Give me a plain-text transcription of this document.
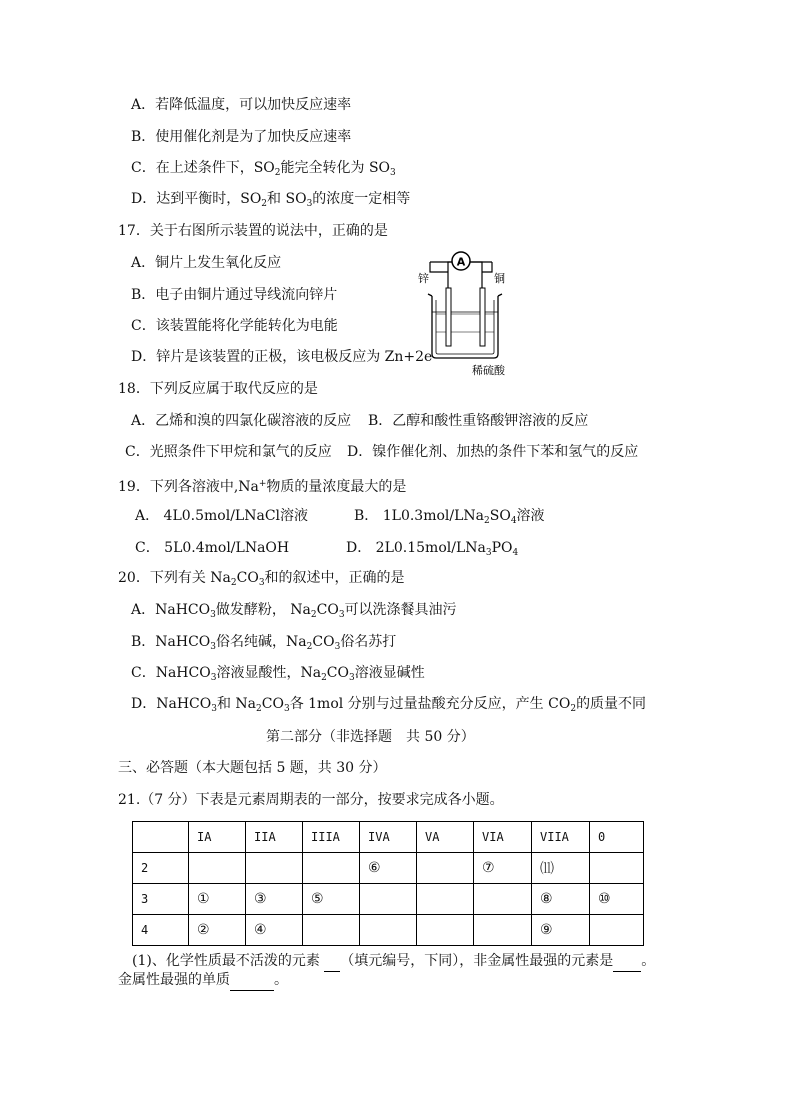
A．若降低温度，可以加快反应速率
B．使用催化剂是为了加快反应速率
C．在上述条件下，$SO_2$能完全转化为 $SO_3$
D．达到平衡时，$SO_2$和 $SO_3$的浓度一定相等
17．关于右图所示装置的说法中，正确的是
A．铜片上发生氧化反应
B．电子由铜片通过导线流向锌片
C．该装置能将化学能转化为电能
D．锌片是该装置的正极，该电极反应为 Zn+2e
锌	铜
A
稀硫酸
18．下列反应属于取代反应的是
A．乙烯和溴的四氯化碳溶液的反应 B．乙醇和酸性重铬酸钾溶液的反应
C．光照条件下甲烷和氯气的反应 D．镍作催化剂、加热的条件下苯和氢气的反应
19．下列各溶液中,Na+物质的量浓度最大的是
A． 4L0.5mol/LNaCl溶液	B． $1L0.3mol/LNa_2SO_4$溶液
C． 5L0.4mol/LNaOH	D． $2L0.15mol/LNa_3PO_4$
20．下列有关 $Na_2CO_3$和的叙述中，正确的是
A．NaHCO$_3$做发酵粉， $Na_2CO_3$可以洗涤餐具油污
B．NaHCO$_3$俗名纯碱，$Na_2CO_3$俗名苏打
C．NaHCO$_3$溶液显酸性，$Na_2CO_3$溶液显碱性
D．NaHCO$_3$和 $Na_2CO_3$各 1mol 分别与过量盐酸充分反应，产生 $CO_2$的质量不同
第二部分（非选择题　共 50 分）
三、必答题（本大题包括 5 题，共 30 分）
21.（7 分）下表是元素周期表的一部分，按要求完成各小题。
	IA	IIA	IIIA	IVA	VA	VIA	VIIA	0
2				⑥		⑦	⑾	
3	①	③	⑤				⑧	⑩
4	②	④					⑨	
(1)、化学性质最不活泼的元素  （填元编号，下同），非金属性最强的元素是 。
金属性最强的单质	。
